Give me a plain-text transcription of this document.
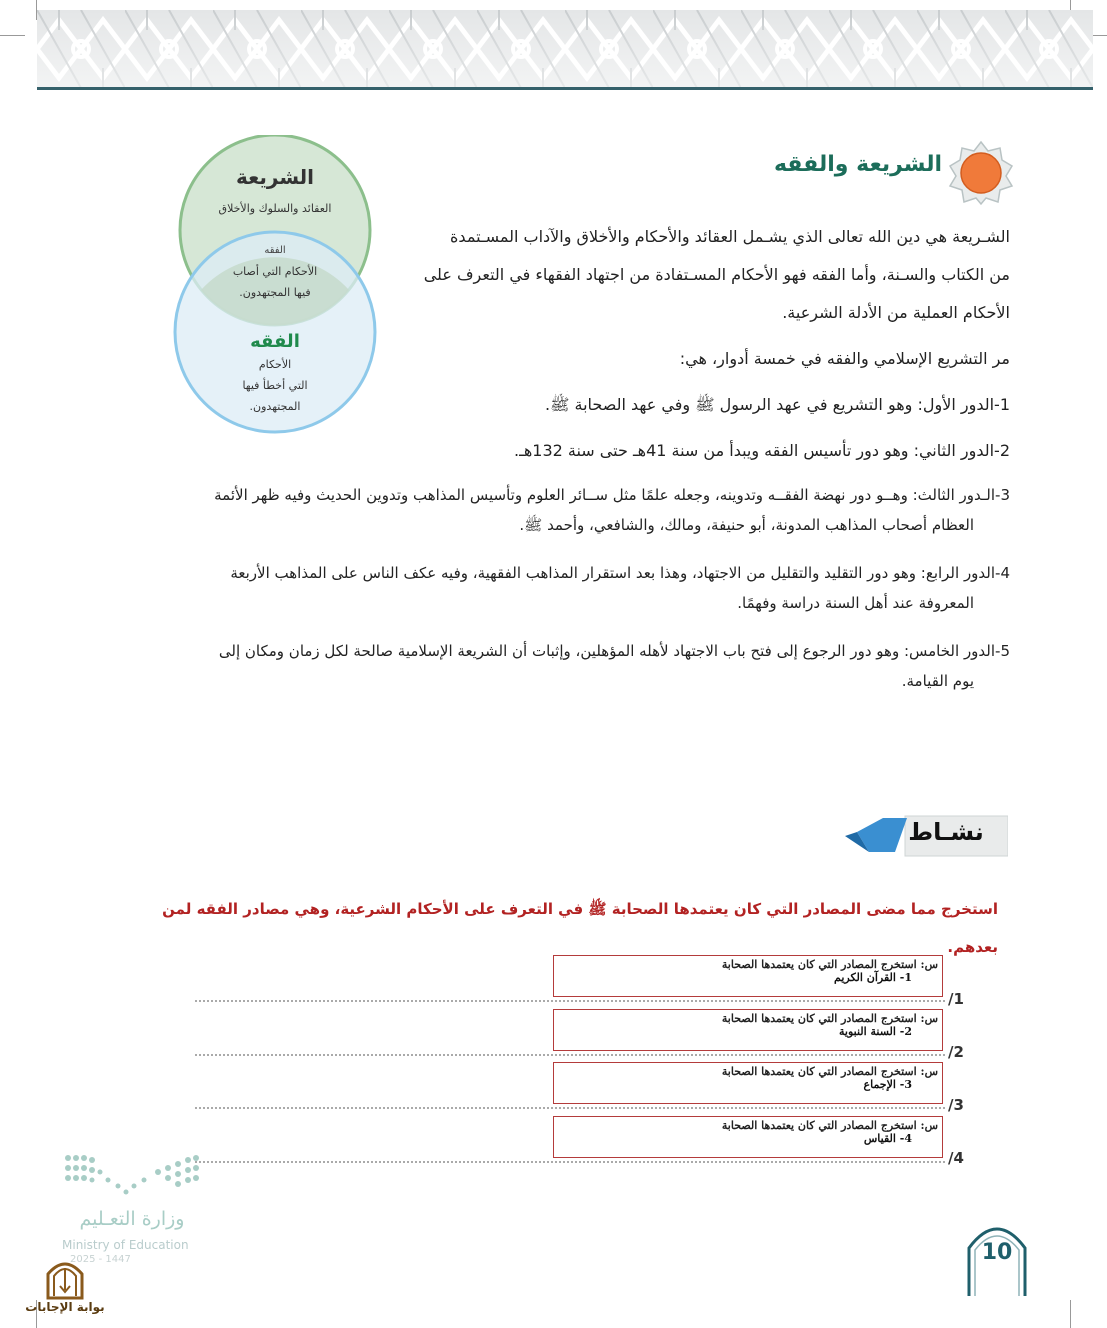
الشريعة والفقه
الشـريعة هي دين الله تعالى الذي يشـمل العقائد والأحكام والأخلاق والآداب المسـتمدة
من الكتاب والسـنة، وأما الفقه فهو الأحكام المسـتفادة من اجتهاد الفقهاء في التعرف على
الأحكام العملية من الأدلة الشرعية.
مر التشريع الإسلامي والفقه في خمسة أدوار، هي:
1-الدور الأول: وهو التشريع في عهد الرسول ﷺ وفي عهد الصحابة ﷺ.
2-الدور الثاني: وهو دور تأسيس الفقه ويبدأ من سنة 41هـ حتى سنة 132هـ.
3-الـدور الثالث: وهــو دور نهضة الفقــه وتدوينه، وجعله علمًا مثل ســائر العلوم وتأسيس المذاهب وتدوين الحديث وفيه ظهر الأئمة
العظام أصحاب المذاهب المدونة، أبو حنيفة، ومالك، والشافعي، وأحمد ﷺ.
4-الدور الرابع: وهو دور التقليد والتقليل من الاجتهاد، وهذا بعد استقرار المذاهب الفقهية، وفيه عكف الناس على المذاهب الأربعة
المعروفة عند أهل السنة دراسة وفهمًا.
5-الدور الخامس: وهو دور الرجوع إلى فتح باب الاجتهاد لأهله المؤهلين، وإثبات أن الشريعة الإسلامية صالحة لكل زمان ومكان إلى
يوم القيامة.
الشريعة
العقائد والسلوك والأخلاق
الفقه
الأحكام التي أصاب
فيها المجتهدون.
الفقه
الأحكام
التي أخطأ فيها
المجتهدون.
نشـاط
استخرج مما مضى المصادر التي كان يعتمدها الصحابة ﷺ في التعرف على الأحكام الشرعية، وهي مصادر الفقه لمن
بعدهم.
س: استخرج المصادر التي كان يعتمدها الصحابة
1- القرآن الكريم
/1
س: استخرج المصادر التي كان يعتمدها الصحابة
2- السنة النبوية
/2
س: استخرج المصادر التي كان يعتمدها الصحابة
3- الإجماع
/3
س: استخرج المصادر التي كان يعتمدها الصحابة
4- القياس
/4
وزارة التعـليم
Ministry of Education
2025 - 1447
بوابة الإجابات
10
